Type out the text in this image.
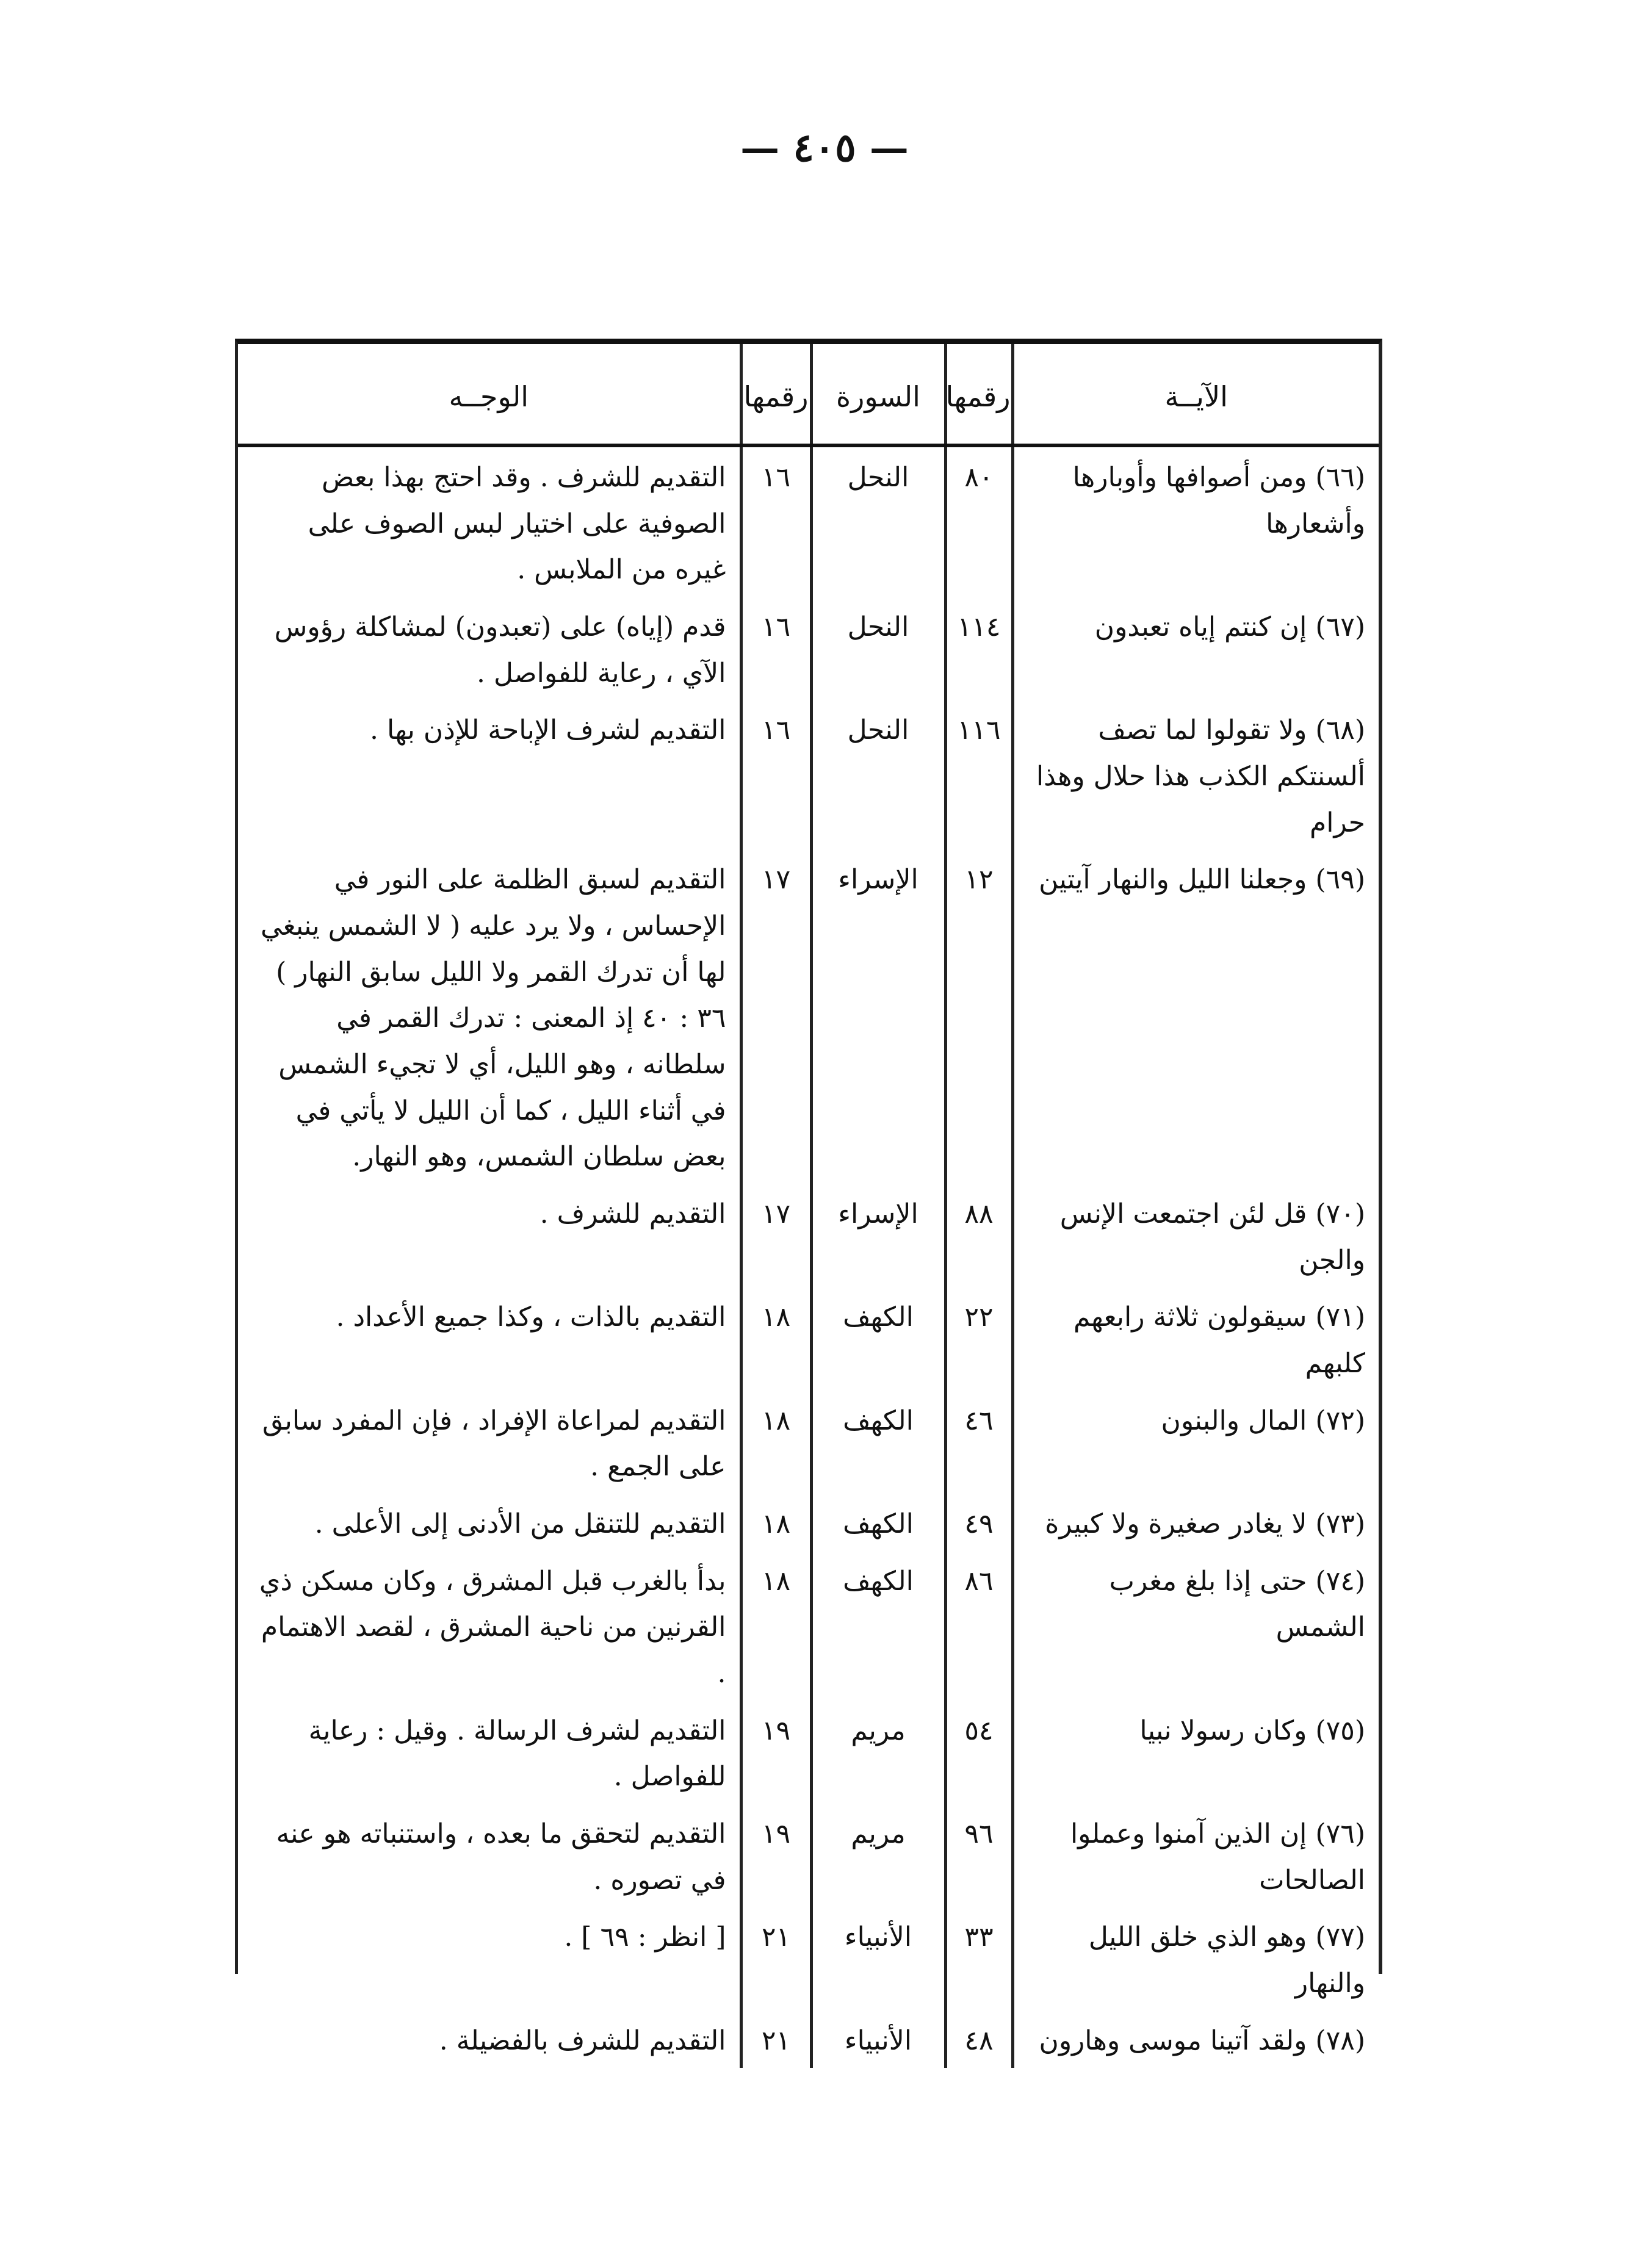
— ٤٠٥ —
الآيــة	رقمها	السورة	رقمها	الوجــه
(٦٦) ومن أصوافها وأوبارها وأشعارها	٨٠	النحل	١٦	التقديم للشرف . وقد احتج بهذا بعض الصوفية على اختيار لبس الصوف على غيره من الملابس .
(٦٧) إن كنتم إياه تعبدون	١١٤	النحل	١٦	قدم (إياه) على (تعبدون) لمشاكلة رؤوس الآي ، رعاية للفواصل .
(٦٨) ولا تقولوا لما تصف ألسنتكم الكذب هذا حلال وهذا حرام	١١٦	النحل	١٦	التقديم لشرف الإباحة للإذن بها .
(٦٩) وجعلنا الليل والنهار آيتين	١٢	الإسراء	١٧	التقديم لسبق الظلمة على النور في الإحساس ، ولا يرد عليه ( لا الشمس ينبغي لها أن تدرك القمر ولا الليل سابق النهار ) ٣٦ : ٤٠ إذ المعنى : تدرك القمر في سلطانه ، وهو الليل، أي لا تجيء الشمس في أثناء الليل ، كما أن الليل لا يأتي في بعض سلطان الشمس، وهو النهار.
(٧٠) قل لئن اجتمعت الإنس والجن	٨٨	الإسراء	١٧	التقديم للشرف .
(٧١) سيقولون ثلاثة رابعهم كلبهم	٢٢	الكهف	١٨	التقديم بالذات ، وكذا جميع الأعداد .
(٧٢) المال والبنون	٤٦	الكهف	١٨	التقديم لمراعاة الإفراد ، فإن المفرد سابق على الجمع .
(٧٣) لا يغادر صغيرة ولا كبيرة	٤٩	الكهف	١٨	التقديم للتنقل من الأدنى إلى الأعلى .
(٧٤) حتى إذا بلغ مغرب الشمس	٨٦	الكهف	١٨	بدأ بالغرب قبل المشرق ، وكان مسكن ذي القرنين من ناحية المشرق ، لقصد الاهتمام .
(٧٥) وكان رسولا نبيا	٥٤	مريم	١٩	التقديم لشرف الرسالة . وقيل : رعاية للفواصل .
(٧٦) إن الذين آمنوا وعملوا الصالحات	٩٦	مريم	١٩	التقديم لتحقق ما بعده ، واستنباته هو عنه في تصوره .
(٧٧) وهو الذي خلق الليل والنهار	٣٣	الأنبياء	٢١	[ انظر : ٦٩ ] .
(٧٨) ولقد آتينا موسى وهارون	٤٨	الأنبياء	٢١	التقديم للشرف بالفضيلة .
